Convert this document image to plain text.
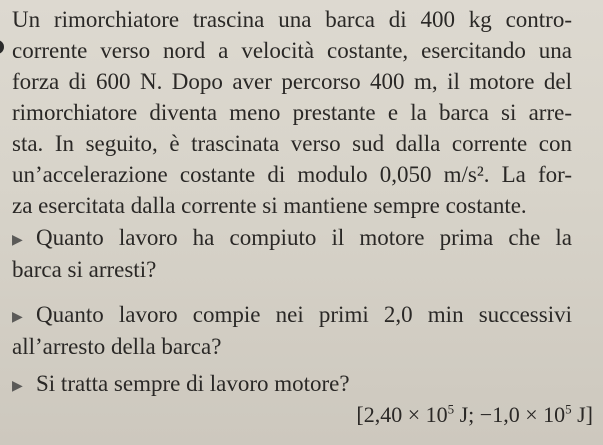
Un rimorchiatore trascina una barca di 400 kg contro-
corrente verso nord a velocità costante, esercitando una
forza di 600 N. Dopo aver percorso 400 m, il motore del
rimorchiatore diventa meno prestante e la barca si arre-
sta. In seguito, è trascinata verso sud dalla corrente con
un’accelerazione costante di modulo 0,050 m/s². La for-
za esercitata dalla corrente si mantiene sempre costante.
▶ Quanto lavoro ha compiuto il motore prima che la
barca si arresti?
▶ Quanto lavoro compie nei primi 2,0 min successivi
all’arresto della barca?
▶ Si tratta sempre di lavoro motore?
[$2,40 \times 10^5$ J; $-1,0 \times 10^5$ J]
